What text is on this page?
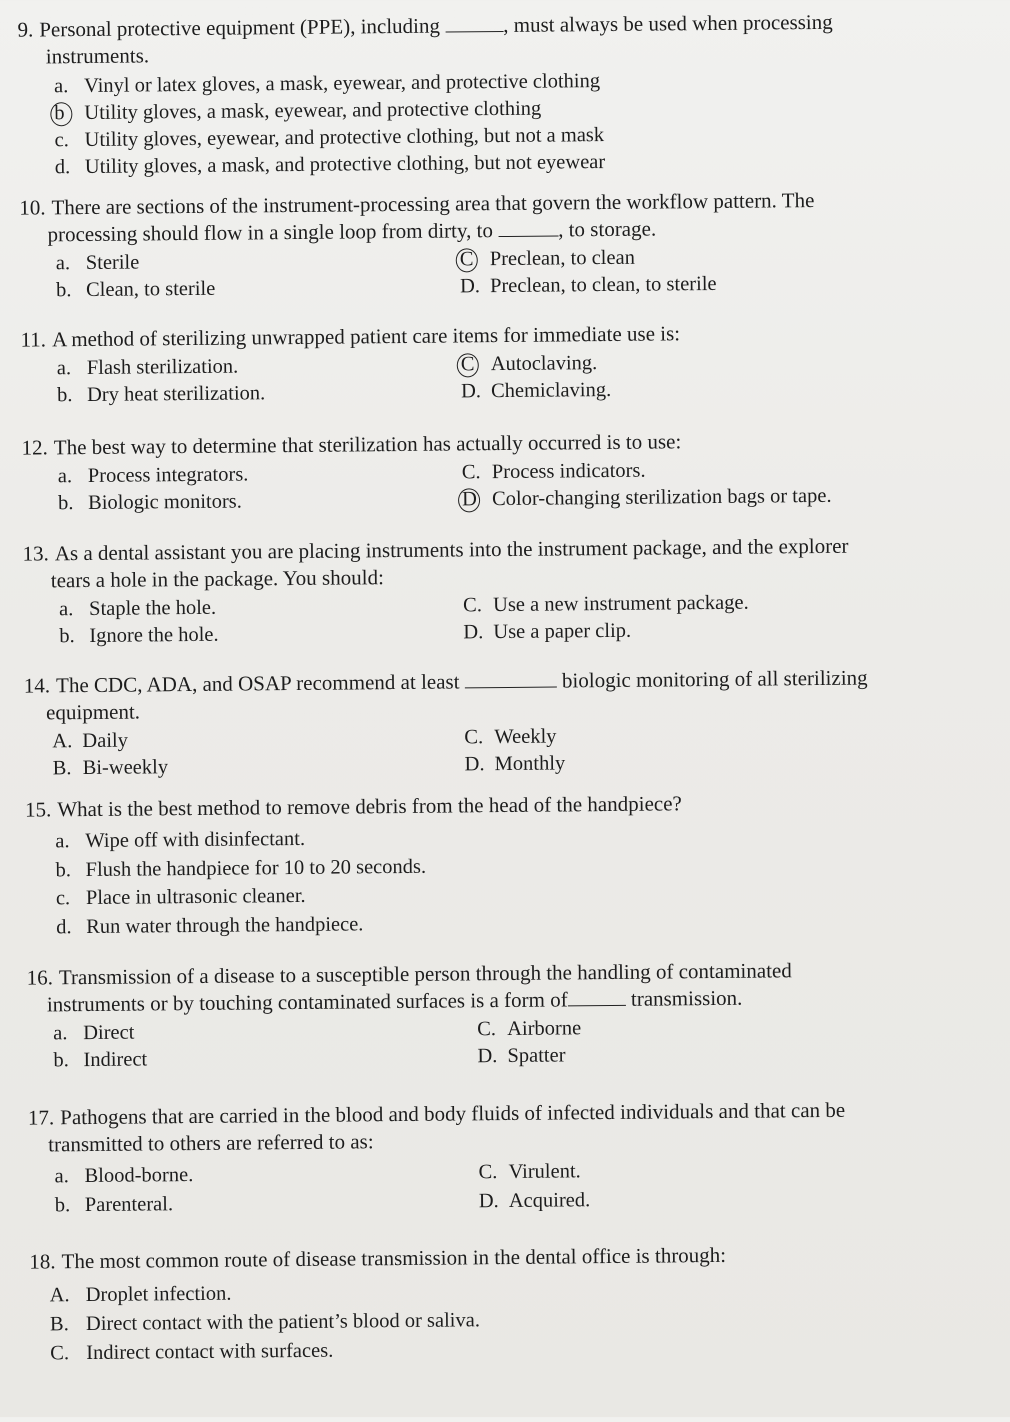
9. Personal protective equipment (PPE), including	, must always be used when processing
instruments.

a. Vinyl or latex gloves, a mask, eyewear, and protective clothing
b Utility gloves, a mask, eyewear, and protective clothing
c. Utility gloves, eyewear, and protective clothing, but not a mask
d. Utility gloves, a mask, and protective clothing, but not eyewear

10. There are sections of the instrument-processing area that govern the workflow pattern. The
processing should flow in a single loop from dirty, to	, to storage.

a. Sterile	C Preclean, to clean
b. Clean, to sterile	D. Preclean, to clean, to sterile

11. A method of sterilizing unwrapped patient care items for immediate use is:

a. Flash sterilization.	C Autoclaving.
b. Dry heat sterilization.	D. Chemiclaving.

12. The best way to determine that sterilization has actually occurred is to use:

a. Process integrators.	C. Process indicators.
b. Biologic monitors.	D Color-changing sterilization bags or tape.

13. As a dental assistant you are placing instruments into the instrument package, and the explorer
tears a hole in the package. You should:

a. Staple the hole.	C. Use a new instrument package.
b. Ignore the hole.	D. Use a paper clip.

14. The CDC, ADA, and OSAP recommend at least	biologic monitoring of all sterilizing
equipment.

A. Daily	C. Weekly
B. Bi-weekly	D. Monthly

15. What is the best method to remove debris from the head of the handpiece?

a. Wipe off with disinfectant.
b. Flush the handpiece for 10 to 20 seconds.
c. Place in ultrasonic cleaner.
d. Run water through the handpiece.

16. Transmission of a disease to a susceptible person through the handling of contaminated
instruments or by touching contaminated surfaces is a form of	transmission.

a. Direct	C. Airborne
b. Indirect	D. Spatter

17. Pathogens that are carried in the blood and body fluids of infected individuals and that can be
transmitted to others are referred to as:

a. Blood-borne.	C. Virulent.
b. Parenteral.	D. Acquired.

18. The most common route of disease transmission in the dental office is through:

A. Droplet infection.
B. Direct contact with the patient’s blood or saliva.
C. Indirect contact with surfaces.
